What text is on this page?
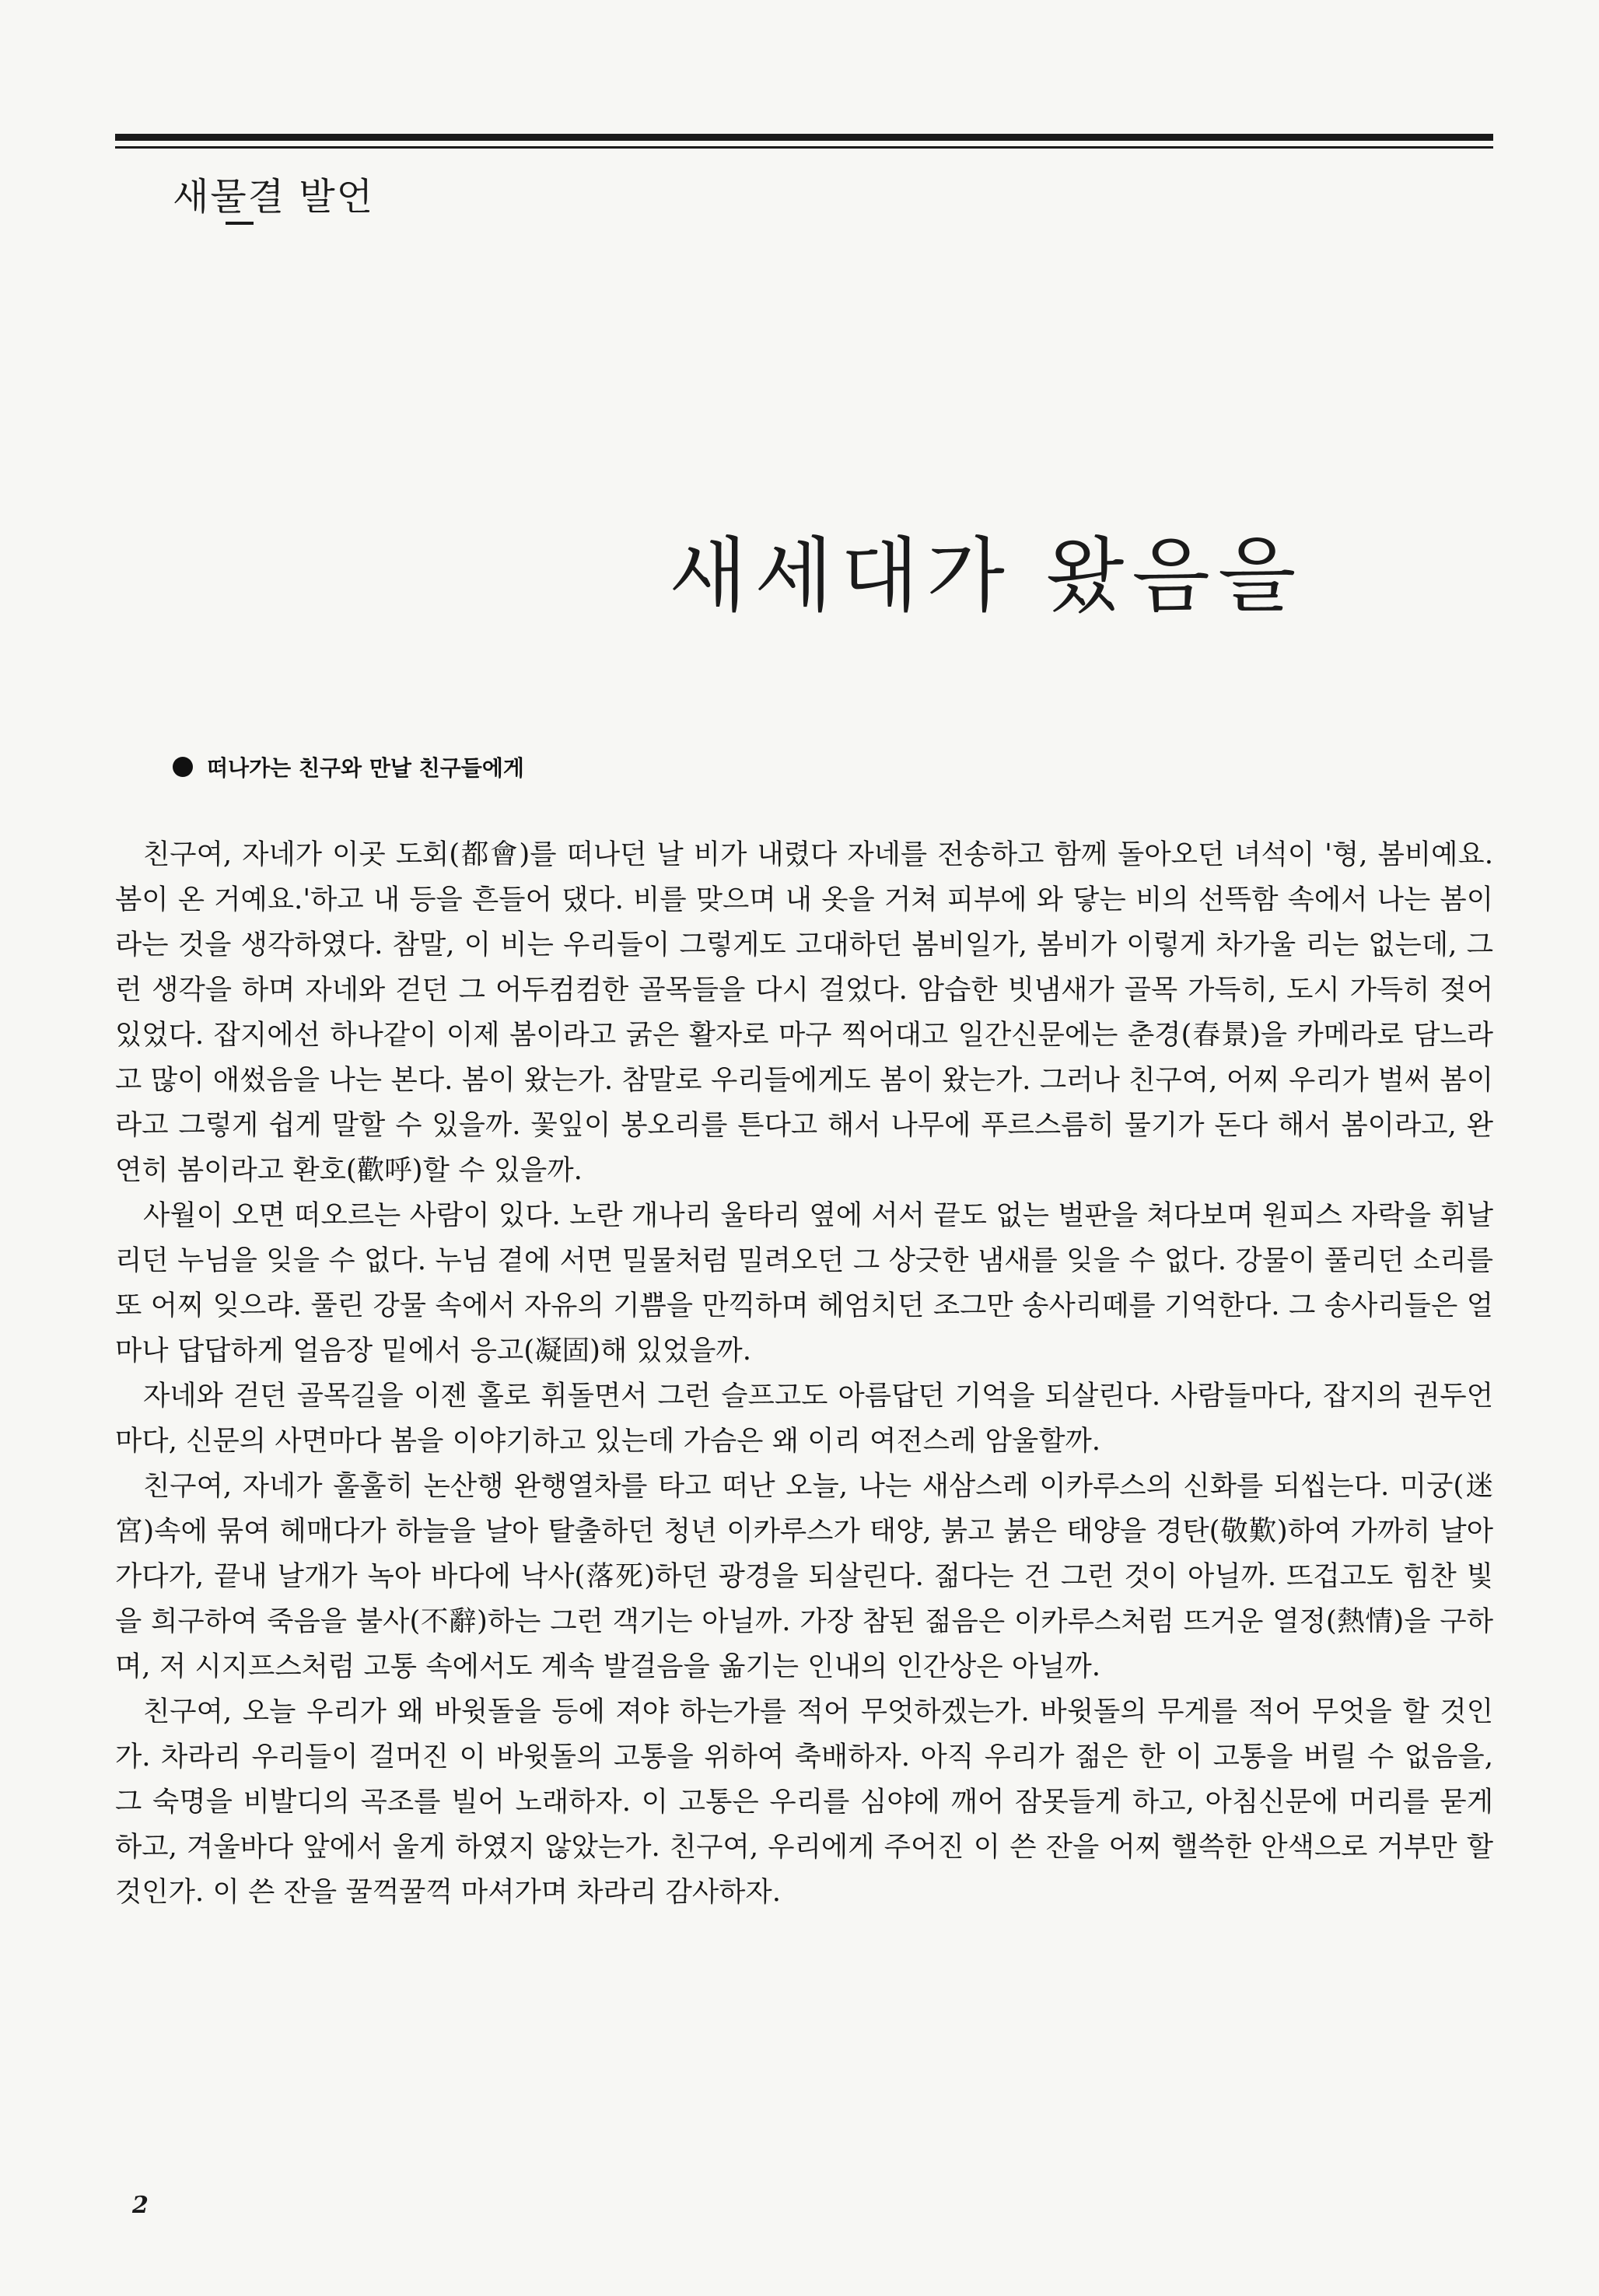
새물결 발언
새세대가 왔음을
떠나가는 친구와 만날 친구들에게

친구여, 자네가 이곳 도회(都會)를 떠나던 날 비가 내렸다 자네를 전송하고 함께 돌아오던 녀석이 '형, 봄비예요. 봄이 온 거예요.'하고 내 등을 흔들어 댔다. 비를 맞으며 내 옷을 거쳐 피부에 와 닿는 비의 선뜩함 속에서 나는 봄이라는 것을 생각하였다. 참말, 이 비는 우리들이 그렇게도 고대하던 봄비일가, 봄비가 이렇게 차가울 리는 없는데, 그런 생각을 하며 자네와 걷던 그 어두컴컴한 골목들을 다시 걸었다. 암습한 빗냄새가 골목 가득히, 도시 가득히 젖어 있었다. 잡지에선 하나같이 이제 봄이라고 굵은 활자로 마구 찍어대고 일간신문에는 춘경(春景)을 카메라로 담느라고 많이 애썼음을 나는 본다. 봄이 왔는가. 참말로 우리들에게도 봄이 왔는가. 그러나 친구여, 어찌 우리가 벌써 봄이라고 그렇게 쉽게 말할 수 있을까. 꽃잎이 봉오리를 튼다고 해서 나무에 푸르스름히 물기가 돈다 해서 봄이라고, 완연히 봄이라고 환호(歡呼)할 수 있을까.

사월이 오면 떠오르는 사람이 있다. 노란 개나리 울타리 옆에 서서 끝도 없는 벌판을 쳐다보며 원피스 자락을 휘날리던 누님을 잊을 수 없다. 누님 곁에 서면 밀물처럼 밀려오던 그 상긋한 냄새를 잊을 수 없다. 강물이 풀리던 소리를 또 어찌 잊으랴. 풀린 강물 속에서 자유의 기쁨을 만끽하며 헤엄치던 조그만 송사리떼를 기억한다. 그 송사리들은 얼마나 답답하게 얼음장 밑에서 응고(凝固)해 있었을까.

자네와 걷던 골목길을 이젠 홀로 휘돌면서 그런 슬프고도 아름답던 기억을 되살린다. 사람들마다, 잡지의 권두언마다, 신문의 사면마다 봄을 이야기하고 있는데 가슴은 왜 이리 여전스레 암울할까.

친구여, 자네가 훌훌히 논산행 완행열차를 타고 떠난 오늘, 나는 새삼스레 이카루스의 신화를 되씹는다. 미궁(迷宮)속에 묶여 헤매다가 하늘을 날아 탈출하던 청년 이카루스가 태양, 붉고 붉은 태양을 경탄(敬歎)하여 가까히 날아가다가, 끝내 날개가 녹아 바다에 낙사(落死)하던 광경을 되살린다. 젊다는 건 그런 것이 아닐까. 뜨겁고도 힘찬 빛을 희구하여 죽음을 불사(不辭)하는 그런 객기는 아닐까. 가장 참된 젊음은 이카루스처럼 뜨거운 열정(熱情)을 구하며, 저 시지프스처럼 고통 속에서도 계속 발걸음을 옮기는 인내의 인간상은 아닐까.

친구여, 오늘 우리가 왜 바윗돌을 등에 져야 하는가를 적어 무엇하겠는가. 바윗돌의 무게를 적어 무엇을 할 것인가. 차라리 우리들이 걸머진 이 바윗돌의 고통을 위하여 축배하자. 아직 우리가 젊은 한 이 고통을 버릴 수 없음을, 그 숙명을 비발디의 곡조를 빌어 노래하자. 이 고통은 우리를 심야에 깨어 잠못들게 하고, 아침신문에 머리를 묻게 하고, 겨울바다 앞에서 울게 하였지 않았는가. 친구여, 우리에게 주어진 이 쓴 잔을 어찌 핼쓱한 안색으로 거부만 할 것인가. 이 쓴 잔을 꿀꺽꿀꺽 마셔가며 차라리 감사하자.

2
